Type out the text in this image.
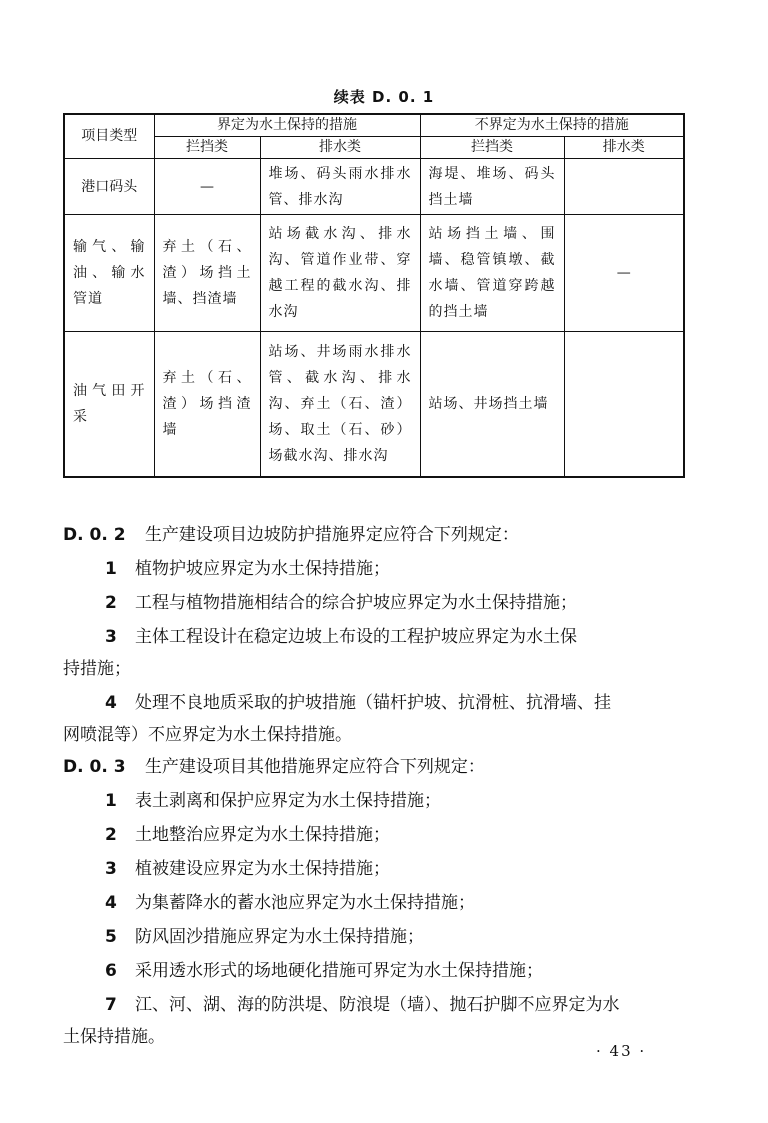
续表 D. 0. 1
项目类型	界定为水土保持的措施		不界定为水土保持的措施	
	拦挡类	排水类	拦挡类	排水类
港口码头	—	堆场、码头雨水排水管、排水沟	海堤、堆场、码头挡土墙	
输气、输油、输水管道	弃土（石、渣）场挡土墙、挡渣墙	站场截水沟、排水沟、管道作业带、穿越工程的截水沟、排水沟	站场挡土墙、围墙、稳管镇墩、截水墙、管道穿跨越的挡土墙	—
油气田开采	弃土（石、渣）场挡渣墙	站场、井场雨水排水管、截水沟、排水沟、弃土（石、渣）场、取土（石、砂）场截水沟、排水沟	站场、井场挡土墙	
D. 0. 2 生产建设项目边坡防护措施界定应符合下列规定：
1 植物护坡应界定为水土保持措施；
2 工程与植物措施相结合的综合护坡应界定为水土保持措施；
3 主体工程设计在稳定边坡上布设的工程护坡应界定为水土保
持措施；
4 处理不良地质采取的护坡措施（锚杆护坡、抗滑桩、抗滑墙、挂
网喷混等）不应界定为水土保持措施。
D. 0. 3 生产建设项目其他措施界定应符合下列规定：
1 表土剥离和保护应界定为水土保持措施；
2 土地整治应界定为水土保持措施；
3 植被建设应界定为水土保持措施；
4 为集蓄降水的蓄水池应界定为水土保持措施；
5 防风固沙措施应界定为水土保持措施；
6 采用透水形式的场地硬化措施可界定为水土保持措施；
7 江、河、湖、海的防洪堤、防浪堤（墙）、抛石护脚不应界定为水
土保持措施。
· 43 ·
